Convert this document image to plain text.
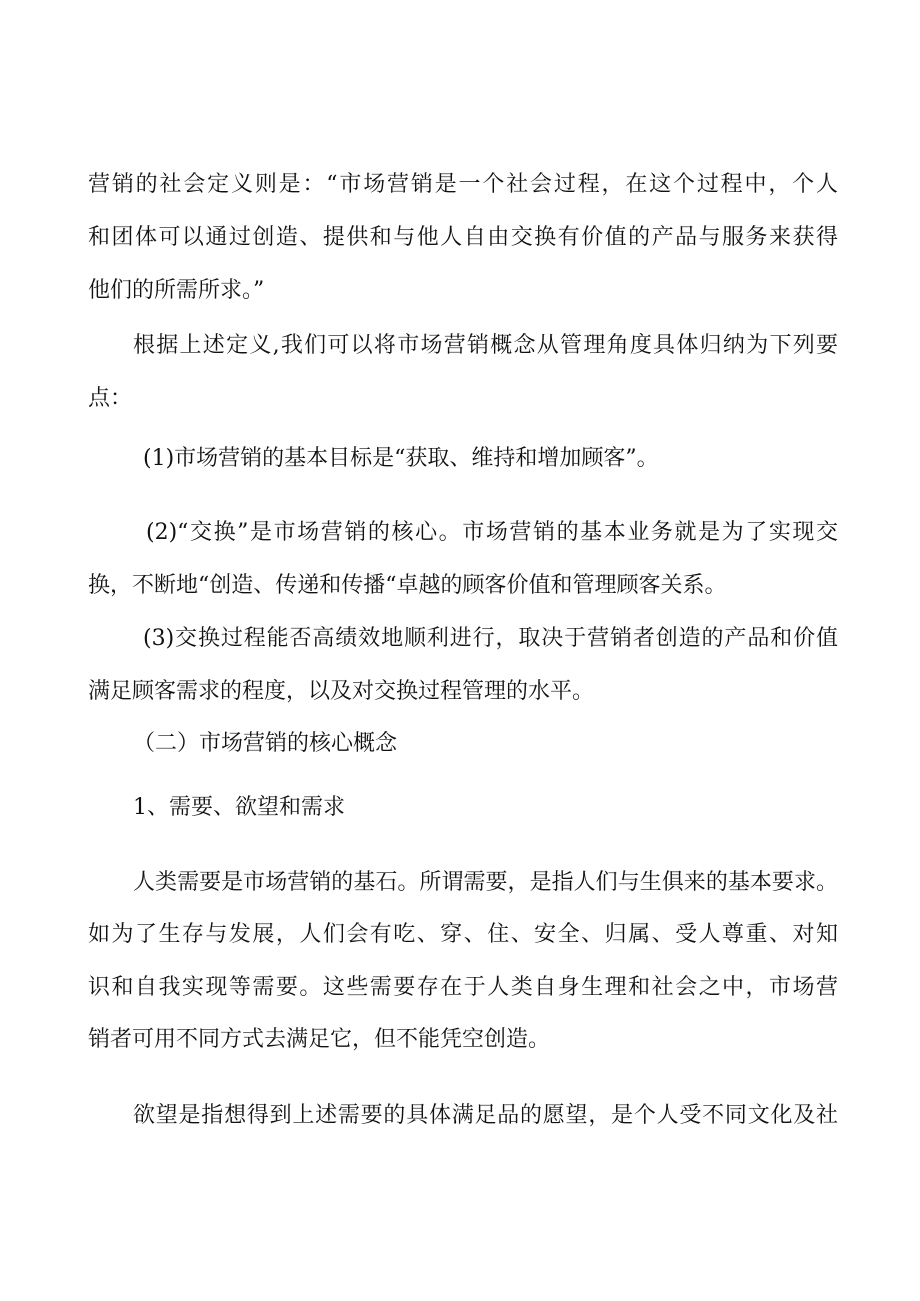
营销的社会定义则是：“市场营销是一个社会过程，在这个过程中，个人
和团体可以通过创造、提供和与他人自由交换有价值的产品与服务来获得
他们的所需所求。”
根据上述定义,我们可以将市场营销概念从管理角度具体归纳为下列要
点：
(1)市场营销的基本目标是“获取、维持和增加顾客”。
(2)“交换”是市场营销的核心。市场营销的基本业务就是为了实现交
换，不断地“创造、传递和传播“卓越的顾客价值和管理顾客关系。
(3)交换过程能否高绩效地顺利进行，取决于营销者创造的产品和价值
满足顾客需求的程度，以及对交换过程管理的水平。
（二）市场营销的核心概念
1、需要、欲望和需求
人类需要是市场营销的基石。所谓需要，是指人们与生俱来的基本要求。
如为了生存与发展，人们会有吃、穿、住、安全、归属、受人尊重、对知
识和自我实现等需要。这些需要存在于人类自身生理和社会之中，市场营
销者可用不同方式去满足它，但不能凭空创造。
欲望是指想得到上述需要的具体满足品的愿望，是个人受不同文化及社
